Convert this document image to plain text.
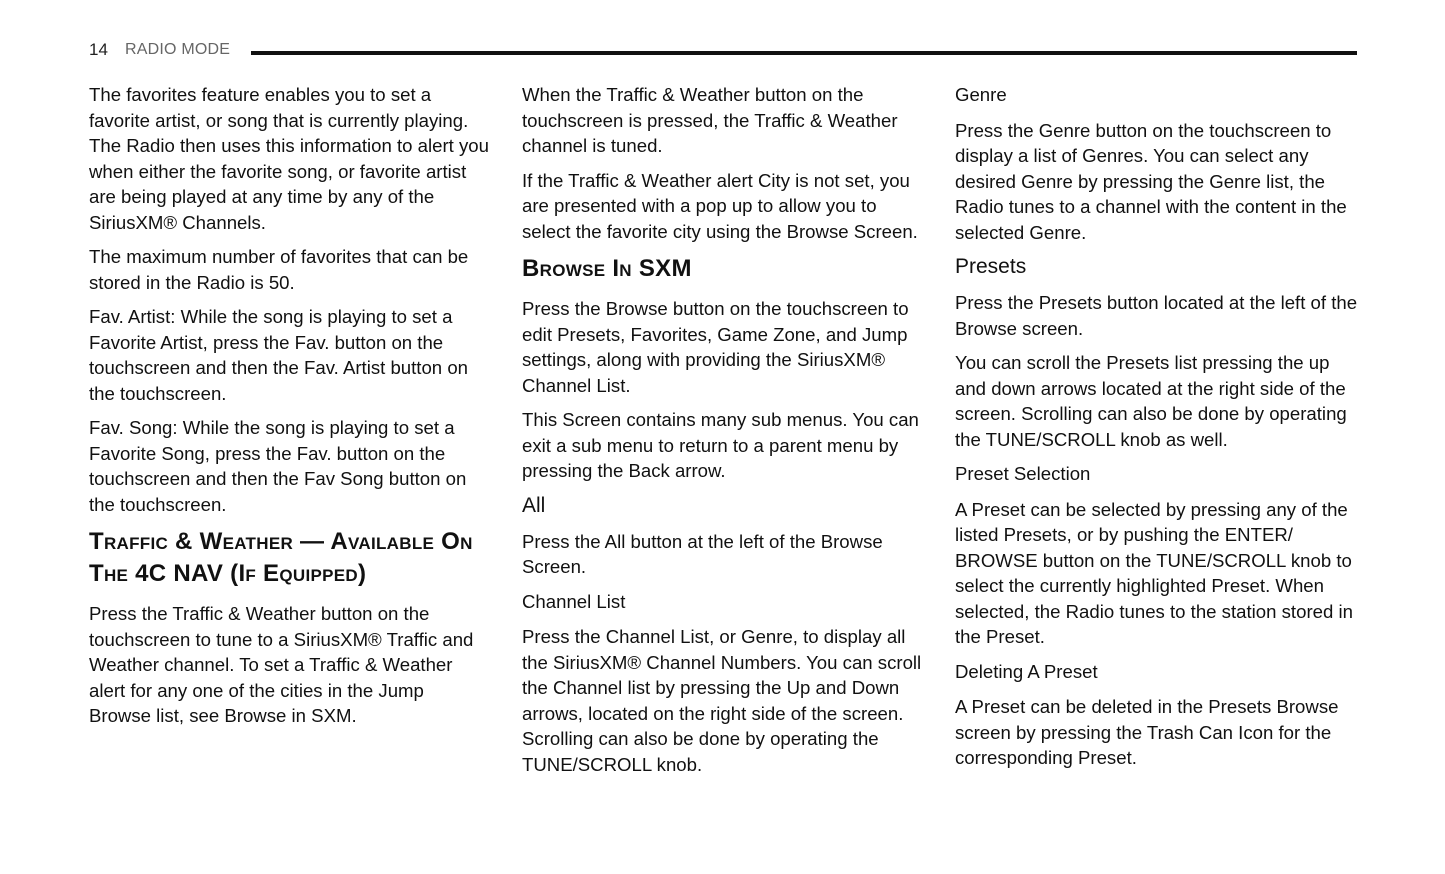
14 RADIO MODE

The favorites feature enables you to set a favorite artist, or song that is currently playing. The Radio then uses this information to alert you when either the favorite song, or favorite artist are being played at any time by any of the SiriusXM® Channels.

The maximum number of favorites that can be stored in the Radio is 50.

Fav. Artist: While the song is playing to set a Favorite Artist, press the Fav. button on the touchscreen and then the Fav. Artist button on the touchscreen.

Fav. Song: While the song is playing to set a Favorite Song, press the Fav. button on the touchscreen and then the Fav Song button on the touchscreen.

Traffic & Weather — Available On The 4C NAV (If Equipped)

Press the Traffic & Weather button on the touchscreen to tune to a SiriusXM® Traffic and Weather channel. To set a Traffic & Weather alert for any one of the cities in the Jump Browse list, see Browse in SXM.

When the Traffic & Weather button on the touchscreen is pressed, the Traffic & Weather channel is tuned.

If the Traffic & Weather alert City is not set, you are presented with a pop up to allow you to select the favorite city using the Browse Screen.

Browse In SXM

Press the Browse button on the touchscreen to edit Presets, Favorites, Game Zone, and Jump settings, along with providing the SiriusXM® Channel List.

This Screen contains many sub menus. You can exit a sub menu to return to a parent menu by pressing the Back arrow.

All

Press the All button at the left of the Browse Screen.

Channel List

Press the Channel List, or Genre, to display all the SiriusXM® Channel Numbers. You can scroll the Channel list by pressing the Up and Down arrows, located on the right side of the screen. Scrolling can also be done by operating the TUNE/SCROLL knob.

Genre

Press the Genre button on the touchscreen to display a list of Genres. You can select any desired Genre by pressing the Genre list, the Radio tunes to a channel with the content in the selected Genre.

Presets

Press the Presets button located at the left of the Browse screen.

You can scroll the Presets list pressing the up and down arrows located at the right side of the screen. Scrolling can also be done by operating the TUNE/SCROLL knob as well.

Preset Selection

A Preset can be selected by pressing any of the listed Presets, or by pushing the ENTER/ BROWSE button on the TUNE/SCROLL knob to select the currently highlighted Preset. When selected, the Radio tunes to the station stored in the Preset.

Deleting A Preset

A Preset can be deleted in the Presets Browse screen by pressing the Trash Can Icon for the corresponding Preset.
